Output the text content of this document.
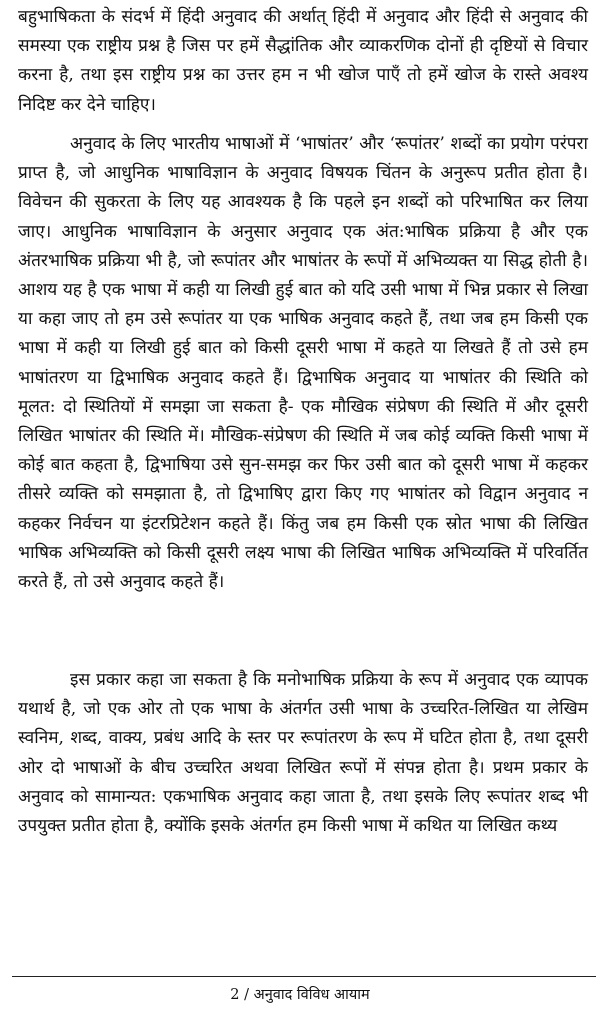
बहुभाषिकता के संदर्भ में हिंदी अनुवाद की अर्थात् हिंदी में अनुवाद और हिंदी से अनुवाद की समस्या एक राष्ट्रीय प्रश्न है जिस पर हमें सैद्धांतिक और व्याकरणिक दोनों ही दृष्टियों से विचार करना है, तथा इस राष्ट्रीय प्रश्न का उत्तर हम न भी खोज पाएँ तो हमें खोज के रास्ते अवश्य निदिष्ट कर देने चाहिए।

अनुवाद के लिए भारतीय भाषाओं में ‘भाषांतर’ और ‘रूपांतर’ शब्दों का प्रयोग परंपरा प्राप्त है, जो आधुनिक भाषाविज्ञान के अनुवाद विषयक चिंतन के अनुरूप प्रतीत होता है। विवेचन की सुकरता के लिए यह आवश्यक है कि पहले इन शब्दों को परिभाषित कर लिया जाए। आधुनिक भाषाविज्ञान के अनुसार अनुवाद एक अंत:भाषिक प्रक्रिया है और एक अंतरभाषिक प्रक्रिया भी है, जो रूपांतर और भाषांतर के रूपों में अभिव्यक्त या सिद्ध होती है। आशय यह है एक भाषा में कही या लिखी हुई बात को यदि उसी भाषा में भिन्न प्रकार से लिखा या कहा जाए तो हम उसे रूपांतर या एक भाषिक अनुवाद कहते हैं, तथा जब हम किसी एक भाषा में कही या लिखी हुई बात को किसी दूसरी भाषा में कहते या लिखते हैं तो उसे हम भाषांतरण या द्विभाषिक अनुवाद कहते हैं। द्विभाषिक अनुवाद या भाषांतर की स्थिति को मूलत: दो स्थितियों में समझा जा सकता है- एक मौखिक संप्रेषण की स्थिति में और दूसरी लिखित भाषांतर की स्थिति में। मौखिक-संप्रेषण की स्थिति में जब कोई व्यक्ति किसी भाषा में कोई बात कहता है, द्विभाषिया उसे सुन-समझ कर फिर उसी बात को दूसरी भाषा में कहकर तीसरे व्यक्ति को समझाता है, तो द्विभाषिए द्वारा किए गए भाषांतर को विद्वान अनुवाद न कहकर निर्वचन या इंटरप्रिटेशन कहते हैं। किंतु जब हम किसी एक स्रोत भाषा की लिखित भाषिक अभिव्यक्ति को किसी दूसरी लक्ष्य भाषा की लिखित भाषिक अभिव्यक्ति में परिवर्तित करते हैं, तो उसे अनुवाद कहते हैं।

इस प्रकार कहा जा सकता है कि मनोभाषिक प्रक्रिया के रूप में अनुवाद एक व्यापक यथार्थ है, जो एक ओर तो एक भाषा के अंतर्गत उसी भाषा के उच्चरित-लिखित या लेखिम स्वनिम, शब्द, वाक्य, प्रबंध आदि के स्तर पर रूपांतरण के रूप में घटित होता है, तथा दूसरी ओर दो भाषाओं के बीच उच्चरित अथवा लिखित रूपों में संपन्न होता है। प्रथम प्रकार के अनुवाद को सामान्यत: एकभाषिक अनुवाद कहा जाता है, तथा इसके लिए रूपांतर शब्द भी उपयुक्त प्रतीत होता है, क्योंकि इसके अंतर्गत हम किसी भाषा में कथित या लिखित कथ्य

2 / अनुवाद विविध आयाम
